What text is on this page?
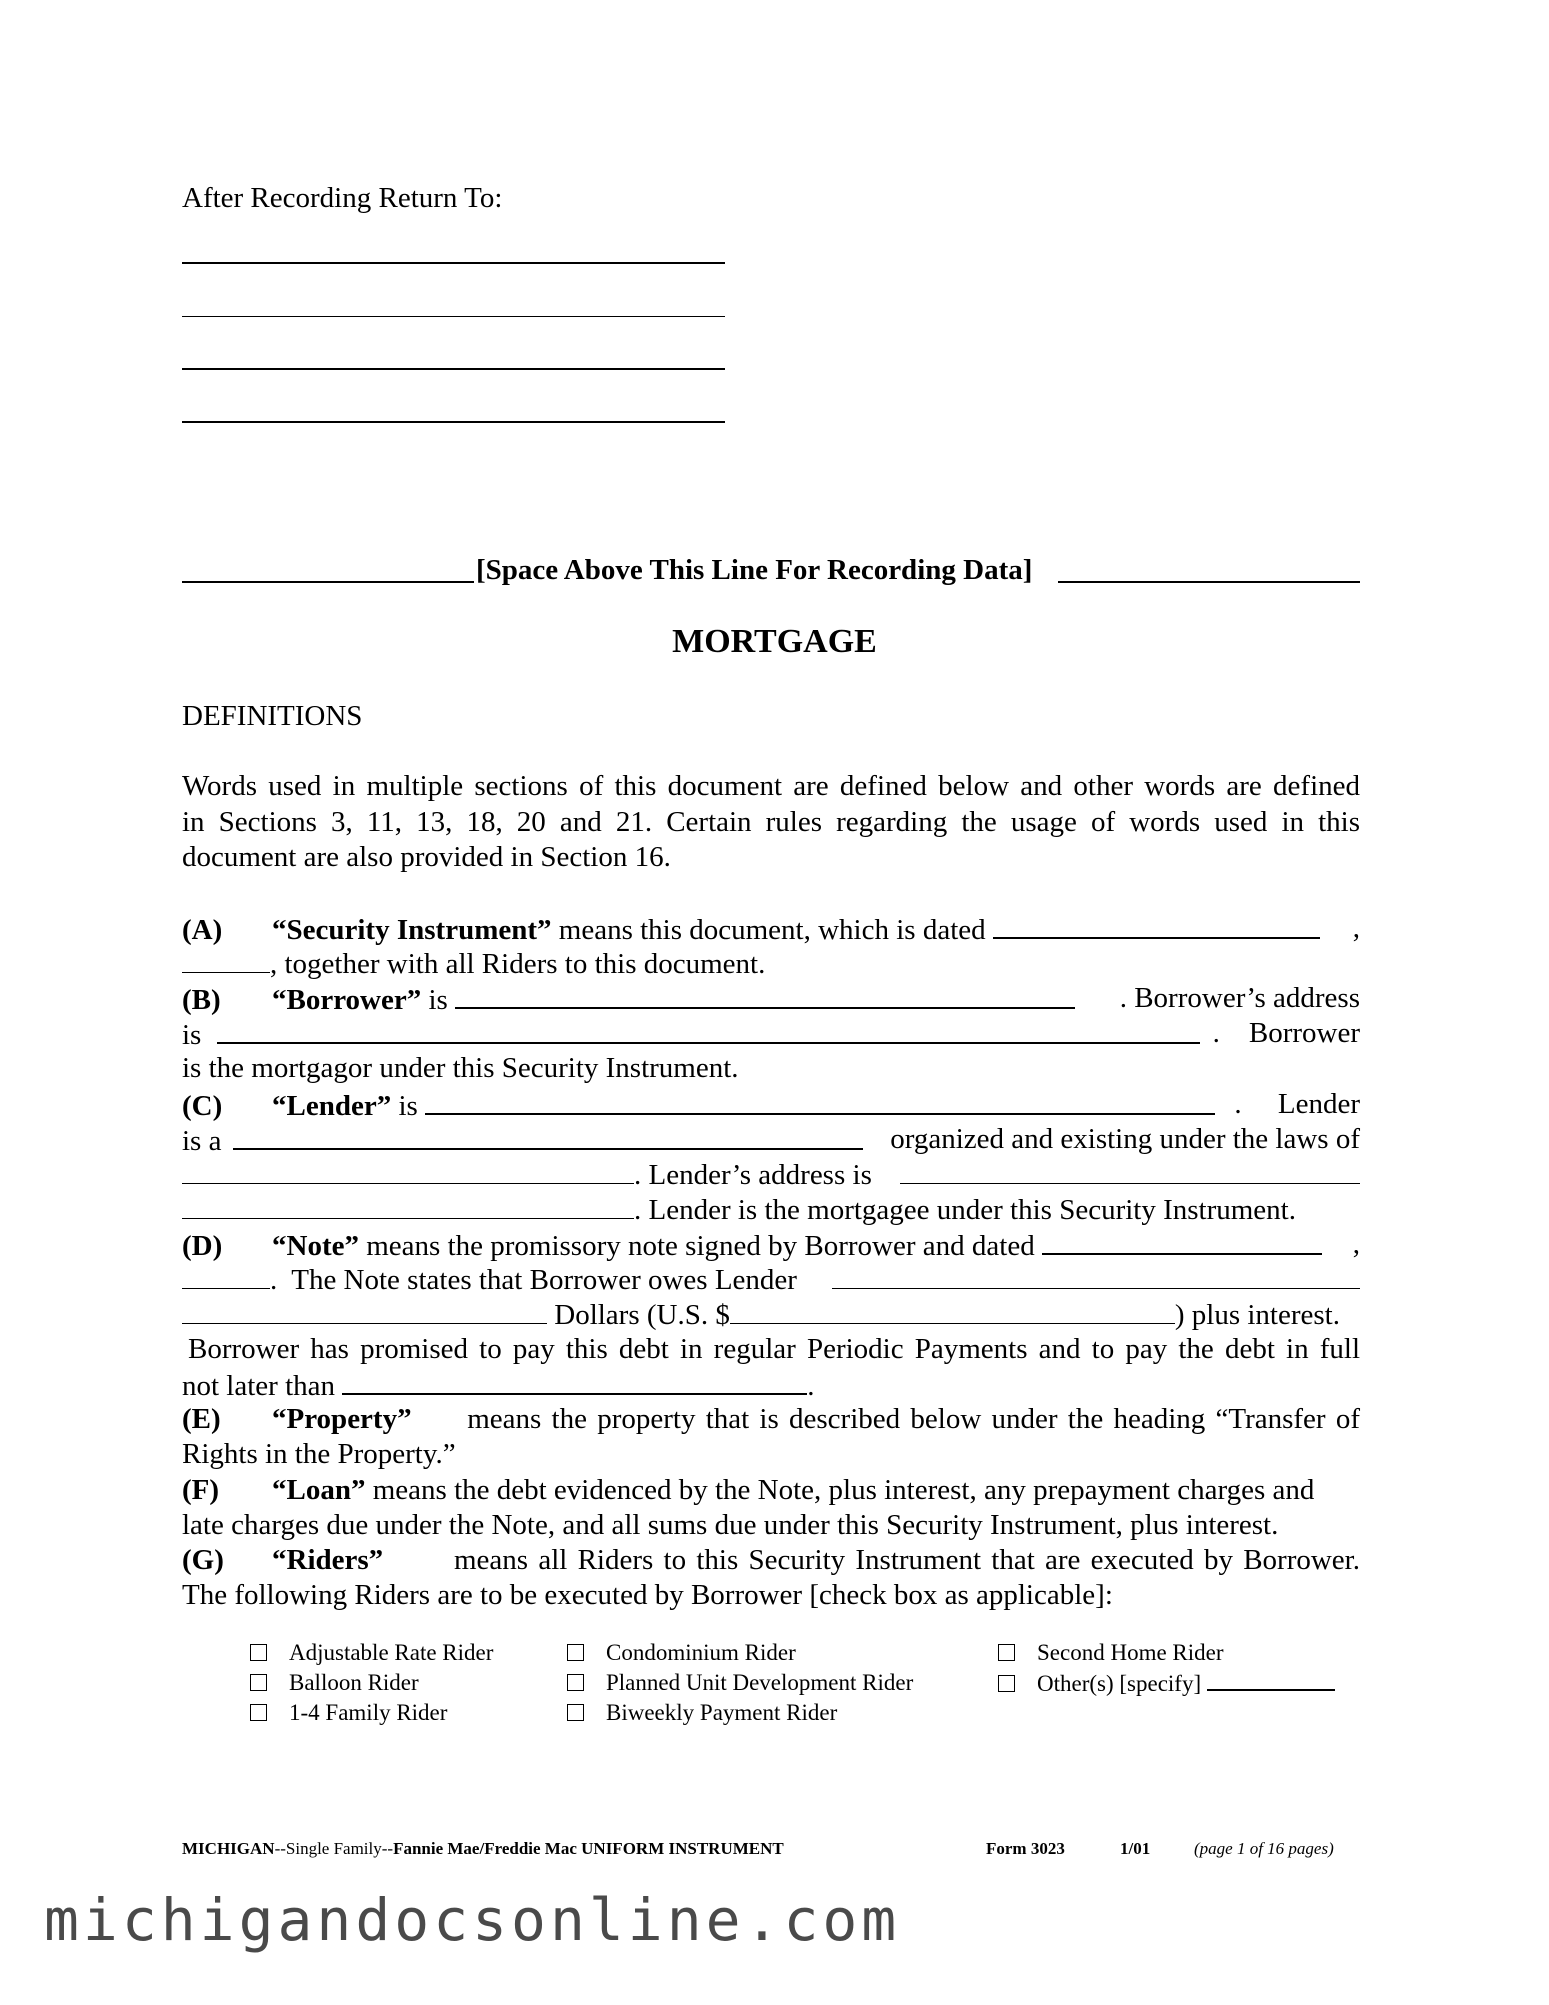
After Recording Return To:
[Space Above This Line For Recording Data]
MORTGAGE
DEFINITIONS
Words used in multiple sections of this document are defined below and other words are defined
in Sections 3, 11, 13, 18, 20 and 21. Certain rules regarding the usage of words used in this
document are also provided in Section 16.
(A) “Security Instrument” means this document, which is dated	,
, together with all Riders to this document.
(B) “Borrower” is	. Borrower’s address
is	.    Borrower
is the mortgagor under this Security Instrument.
(C) “Lender” is	.     Lender
is a	organized and existing under the laws of
. Lender’s address is
. Lender is the mortgagee under this Security Instrument.
(D) “Note” means the promissory note signed by Borrower and dated	,
.  The Note states that Borrower owes Lender
Dollars (U.S. $	) plus interest.
Borrower has promised to pay this debt in regular Periodic Payments and to pay the debt in full
not later than	.
(E) “Property” means the property that is described below under the heading “Transfer of
Rights in the Property.”
(F) “Loan” means the debt evidenced by the Note, plus interest, any prepayment charges and
late charges due under the Note, and all sums due under this Security Instrument, plus interest.
(G) “Riders” means all Riders to this Security Instrument that are executed by Borrower.
The following Riders are to be executed by Borrower [check box as applicable]:
Adjustable Rate Rider	Condominium Rider	Second Home Rider
Balloon Rider	Planned Unit Development Rider	Other(s) [specify]
1-4 Family Rider	Biweekly Payment Rider
MICHIGAN--Single Family--Fannie Mae/Freddie Mac UNIFORM INSTRUMENT	Form 3023	1/01	(page 1 of 16 pages)
michigandocsonline.com
